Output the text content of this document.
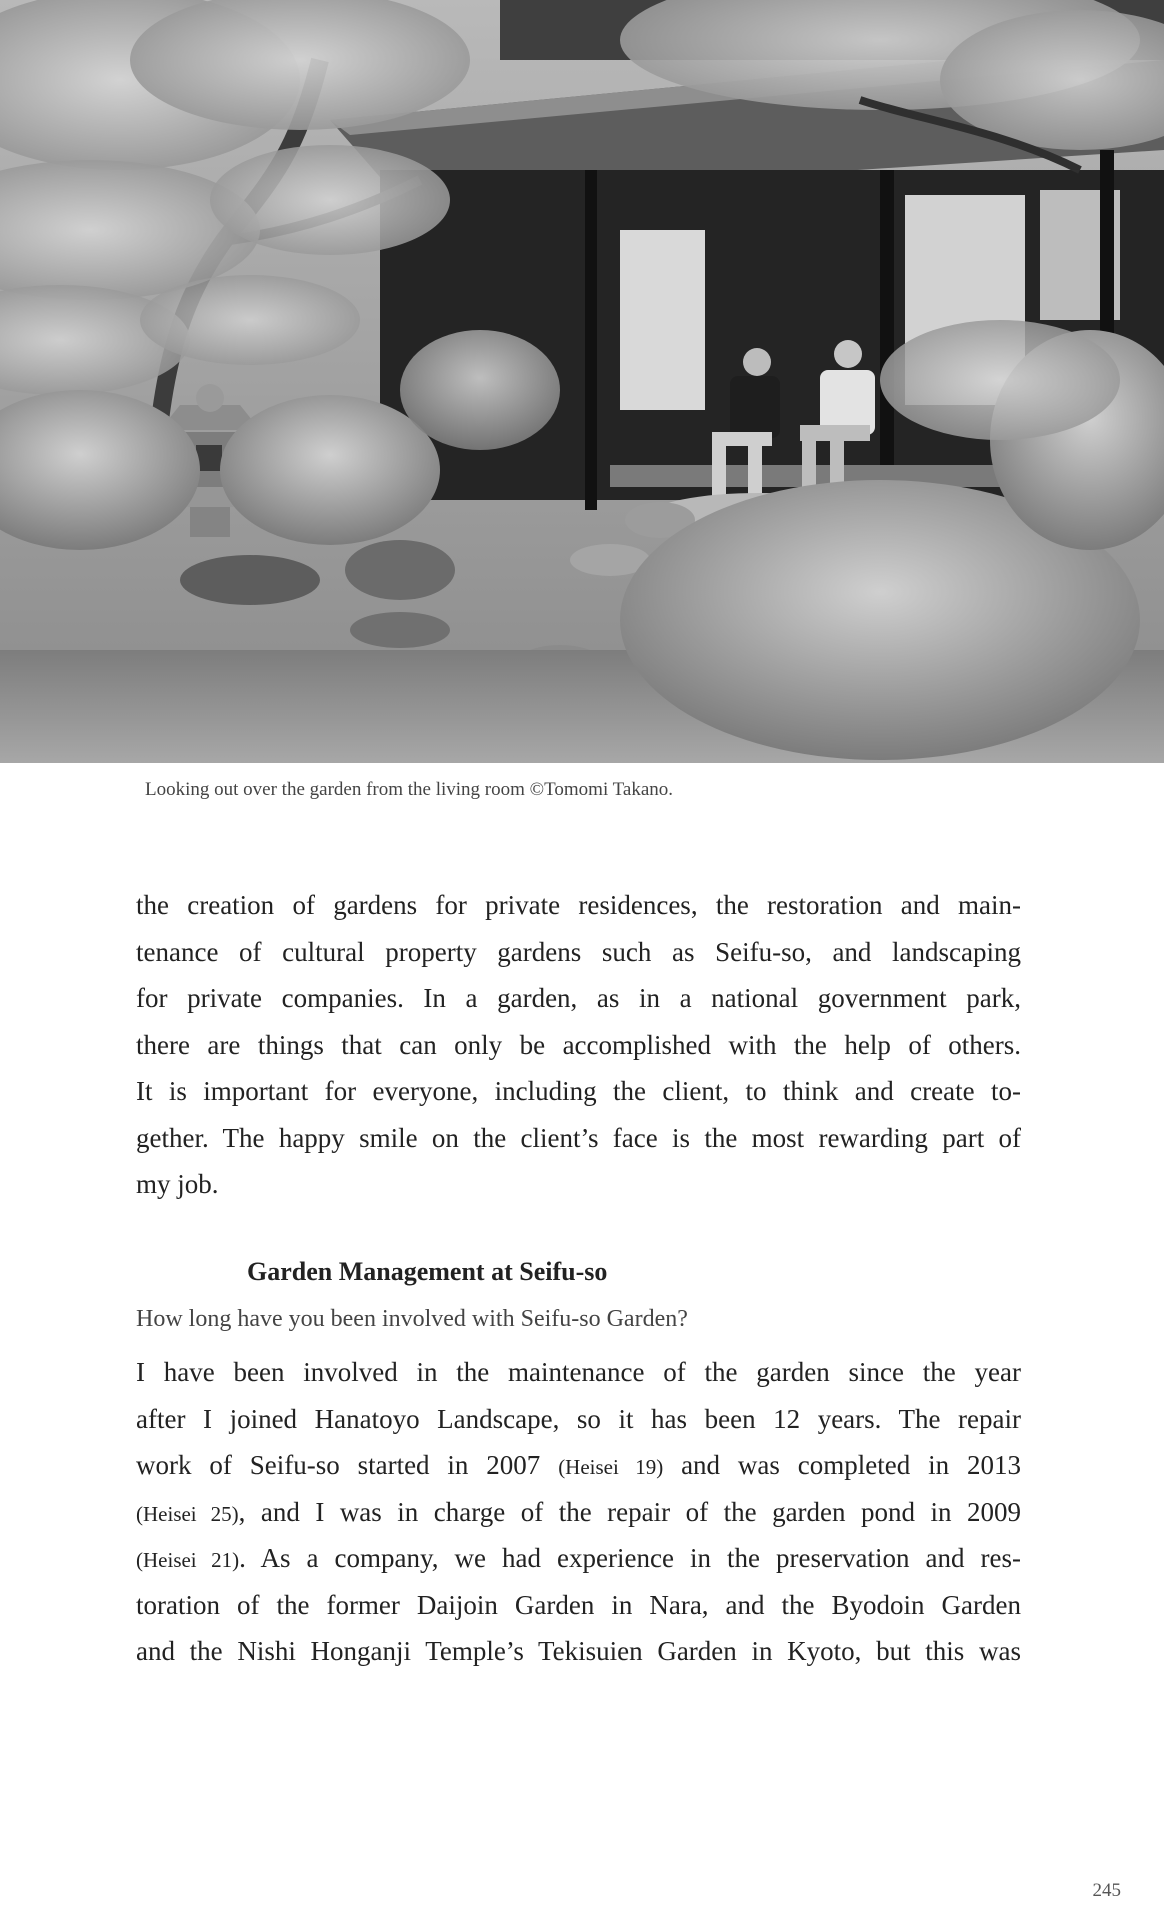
Looking out over the garden from the living room ©Tomomi Takano.

the creation of gardens for private residences, the restoration and main-
tenance of cultural property gardens such as Seifu-so, and landscaping
for private companies. In a garden, as in a national government park,
there are things that can only be accomplished with the help of others.
It is important for everyone, including the client, to think and create to-
gether. The happy smile on the client’s face is the most rewarding part of
my job.

Garden Management at Seifu-so

How long have you been involved with Seifu-so Garden?

I have been involved in the maintenance of the garden since the year
after I joined Hanatoyo Landscape, so it has been 12 years. The repair
work of Seifu-so started in 2007 (Heisei 19) and was completed in 2013
(Heisei 25), and I was in charge of the repair of the garden pond in 2009
(Heisei 21). As a company, we had experience in the preservation and res-
toration of the former Daijoin Garden in Nara, and the Byodoin Garden
and the Nishi Honganji Temple’s Tekisuien Garden in Kyoto, but this was

245
